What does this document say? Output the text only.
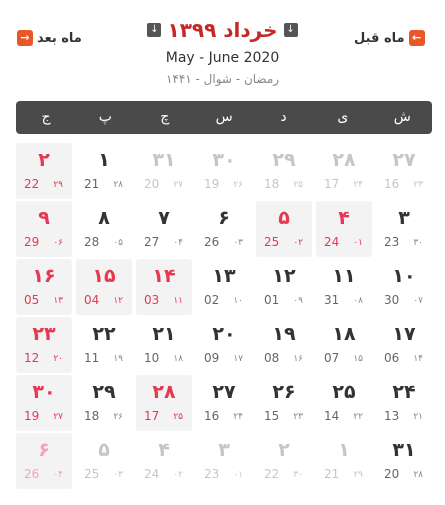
ماه قبل ←
→ ماه بعد
↓ خرداد ۱۳۹۹ ↓
May - June 2020
رمضان - شوال - ۱۴۴۱
ش
ی
د
س
چ
پ
ج
۲۷
16 ۲۳
۲۸
17 ۲۴
۲۹
18 ۲۵
۳۰
19 ۲۶
۳۱
20 ۲۷
۱
21 ۲۸
۲
22 ۲۹
۳
23 ۳۰
۴
24 ۰۱
۵
25 ۰۲
۶
26 ۰۳
۷
27 ۰۴
۸
28 ۰۵
۹
29 ۰۶
۱۰
30 ۰۷
۱۱
31 ۰۸
۱۲
01 ۰۹
۱۳
02 ۱۰
۱۴
03 ۱۱
۱۵
04 ۱۲
۱۶
05 ۱۳
۱۷
06 ۱۴
۱۸
07 ۱۵
۱۹
08 ۱۶
۲۰
09 ۱۷
۲۱
10 ۱۸
۲۲
11 ۱۹
۲۳
12 ۲۰
۲۴
13 ۲۱
۲۵
14 ۲۲
۲۶
15 ۲۳
۲۷
16 ۲۴
۲۸
17 ۲۵
۲۹
18 ۲۶
۳۰
19 ۲۷
۳۱
20 ۲۸
۱
21 ۲۹
۲
22 ۳۰
۳
23 ۰۱
۴
24 ۰۲
۵
25 ۰۳
۶
26 ۰۴
